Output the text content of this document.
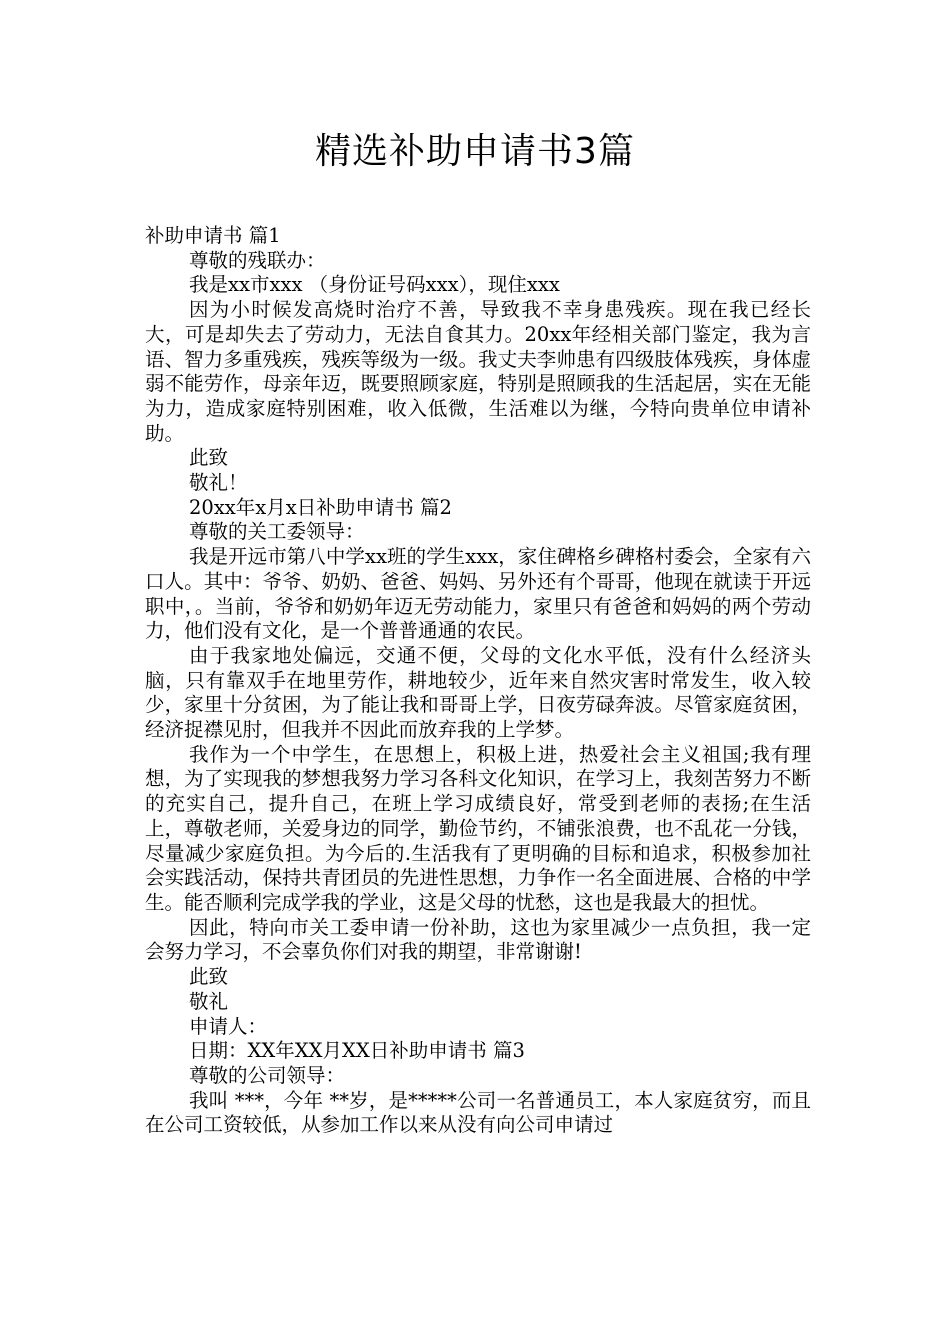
精选补助申请书3篇

补助申请书 篇1

尊敬的残联办：

我是xx市xxx （身份证号码xxx），现住xxx

因为小时候发高烧时治疗不善，导致我不幸身患残疾。现在我已经长大，可是却失去了劳动力，无法自食其力。20xx年经相关部门鉴定，我为言语、智力多重残疾，残疾等级为一级。我丈夫李帅患有四级肢体残疾，身体虚弱不能劳作，母亲年迈，既要照顾家庭，特别是照顾我的生活起居，实在无能为力，造成家庭特别困难，收入低微，生活难以为继，今特向贵单位申请补助。

此致

敬礼！

20xx年x月x日补助申请书 篇2

尊敬的关工委领导：

我是开远市第八中学xx班的学生xxx，家住碑格乡碑格村委会，全家有六口人。其中：爷爷、奶奶、爸爸、妈妈、另外还有个哥哥，他现在就读于开远职中，。当前，爷爷和奶奶年迈无劳动能力，家里只有爸爸和妈妈的两个劳动力，他们没有文化，是一个普普通通的农民。

由于我家地处偏远，交通不便，父母的文化水平低，没有什么经济头脑，只有靠双手在地里劳作，耕地较少，近年来自然灾害时常发生，收入较少，家里十分贫困，为了能让我和哥哥上学，日夜劳碌奔波。尽管家庭贫困，经济捉襟见肘，但我并不因此而放弃我的上学梦。

我作为一个中学生，在思想上，积极上进，热爱社会主义祖国;我有理想，为了实现我的梦想我努力学习各科文化知识，在学习上，我刻苦努力不断的充实自己，提升自己，在班上学习成绩良好，常受到老师的表扬;在生活上，尊敬老师，关爱身边的同学，勤俭节约，不铺张浪费，也不乱花一分钱，尽量减少家庭负担。为今后的.生活我有了更明确的目标和追求，积极参加社会实践活动，保持共青团员的先进性思想，力争作一名全面进展、合格的中学生。能否顺利完成学我的学业，这是父母的忧愁，这也是我最大的担忧。

因此，特向市关工委申请一份补助，这也为家里减少一点负担，我一定会努力学习，不会辜负你们对我的期望，非常谢谢!

此致

敬礼

申请人：

日期：XX年XX月XX日补助申请书 篇3

尊敬的公司领导：

我叫 ***，今年 **岁，是*****公司一名普通员工，本人家庭贫穷，而且在公司工资较低，从参加工作以来从没有向公司申请过
